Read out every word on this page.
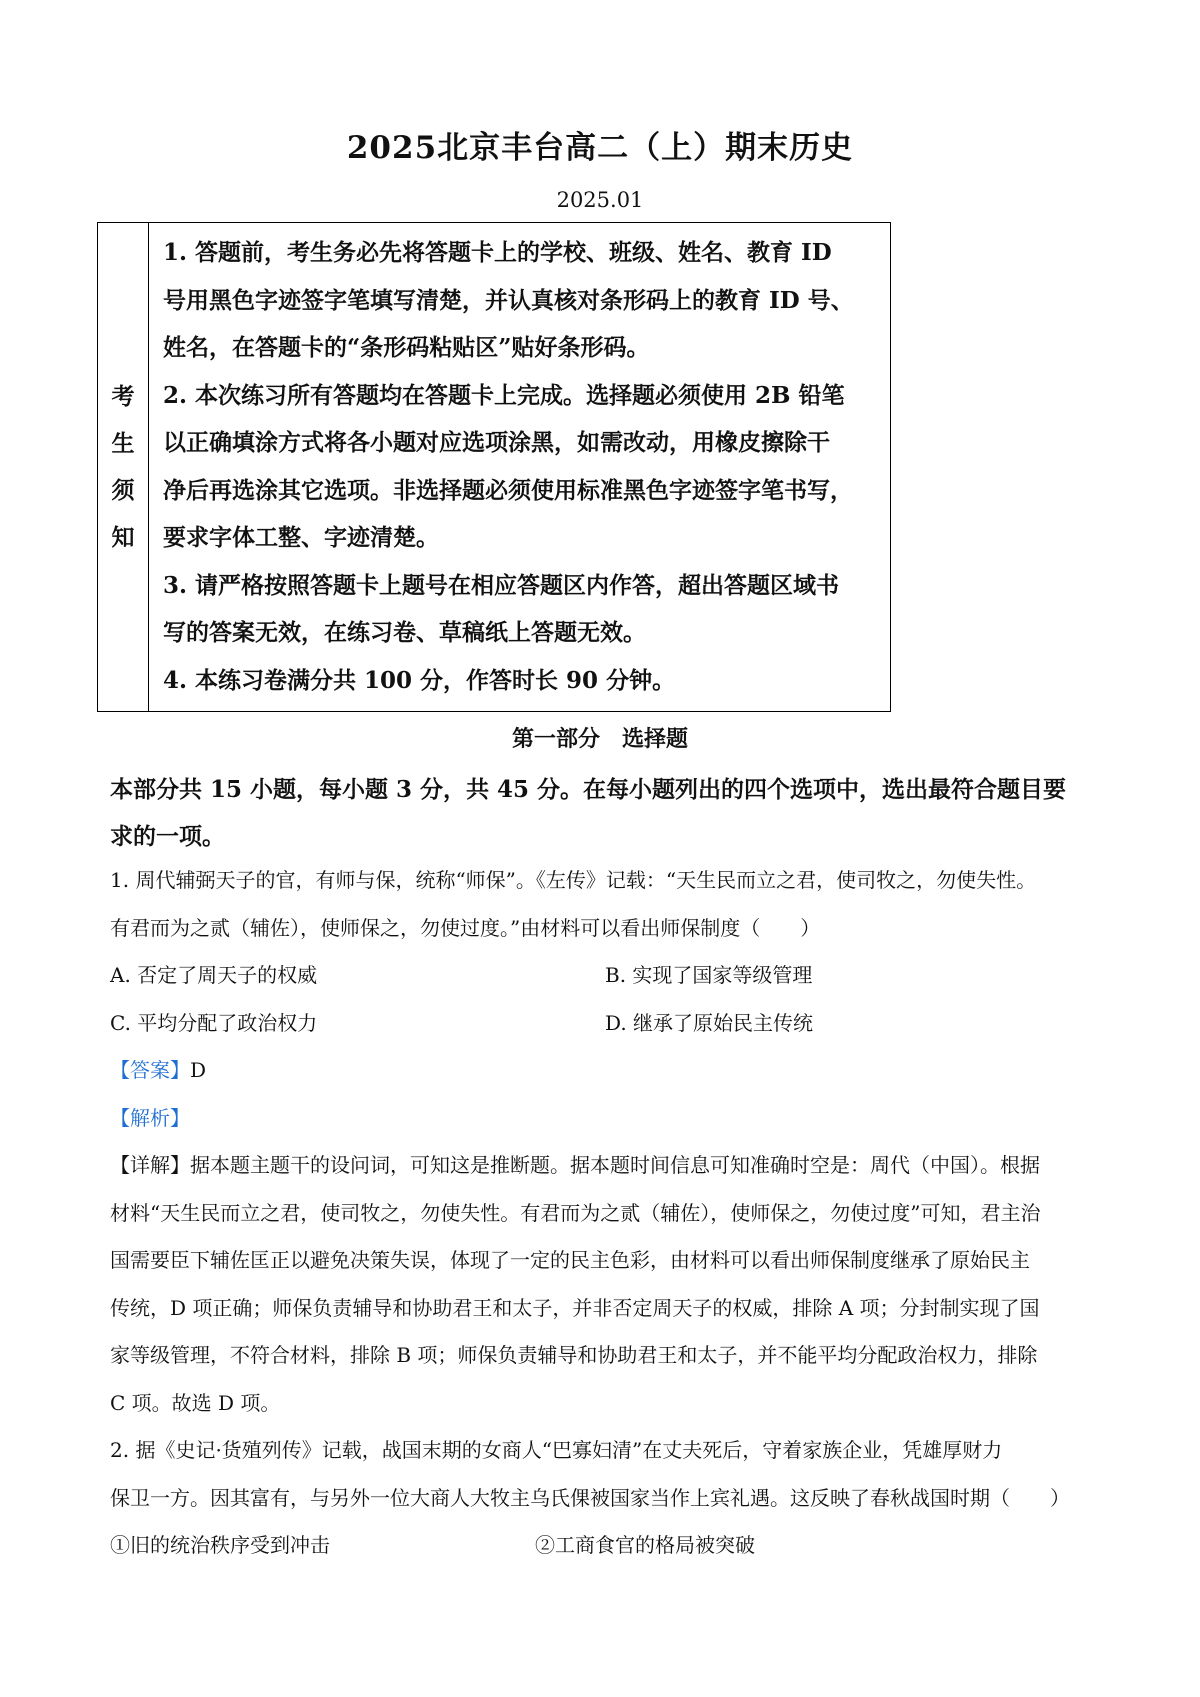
2025北京丰台高二（上）期末历史
2025.01
考
生
须
知

1. 答题前，考生务必先将答题卡上的学校、班级、姓名、教育 ID

号用黑色字迹签字笔填写清楚，并认真核对条形码上的教育 ID 号、

姓名，在答题卡的“条形码粘贴区”贴好条形码。

2. 本次练习所有答题均在答题卡上完成。选择题必须使用 2B 铅笔

以正确填涂方式将各小题对应选项涂黑，如需改动，用橡皮擦除干

净后再选涂其它选项。非选择题必须使用标准黑色字迹签字笔书写，

要求字体工整、字迹清楚。

3. 请严格按照答题卡上题号在相应答题区内作答，超出答题区域书

写的答案无效，在练习卷、草稿纸上答题无效。

4. 本练习卷满分共 100 分，作答时长 90 分钟。

第一部分　选择题
本部分共 15 小题，每小题 3 分，共 45 分。在每小题列出的四个选项中，选出最符合题目要
求的一项。

1. 周代辅弼天子的官，有师与保，统称“师保”。《左传》记载：“天生民而立之君，使司牧之，勿使失性。

有君而为之贰（辅佐），使师保之，勿使过度。”由材料可以看出师保制度（　　）

A. 否定了周天子的权威	B. 实现了国家等级管理
C. 平均分配了政治权力	D. 继承了原始民主传统

【答案】D

【解析】

【详解】据本题主题干的设问词，可知这是推断题。据本题时间信息可知准确时空是：周代（中国）。根据

材料“天生民而立之君，使司牧之，勿使失性。有君而为之贰（辅佐），使师保之，勿使过度”可知，君主治

国需要臣下辅佐匡正以避免决策失误，体现了一定的民主色彩，由材料可以看出师保制度继承了原始民主

传统，D 项正确；师保负责辅导和协助君王和太子，并非否定周天子的权威，排除 A 项；分封制实现了国

家等级管理，不符合材料，排除 B 项；师保负责辅导和协助君王和太子，并不能平均分配政治权力，排除

C 项。故选 D 项。

2. 据《史记·货殖列传》记载，战国末期的女商人“巴寡妇清”在丈夫死后，守着家族企业，凭雄厚财力

保卫一方。因其富有，与另外一位大商人大牧主乌氏倮被国家当作上宾礼遇。这反映了春秋战国时期（　　）

①旧的统治秩序受到冲击	②工商食官的格局被突破
